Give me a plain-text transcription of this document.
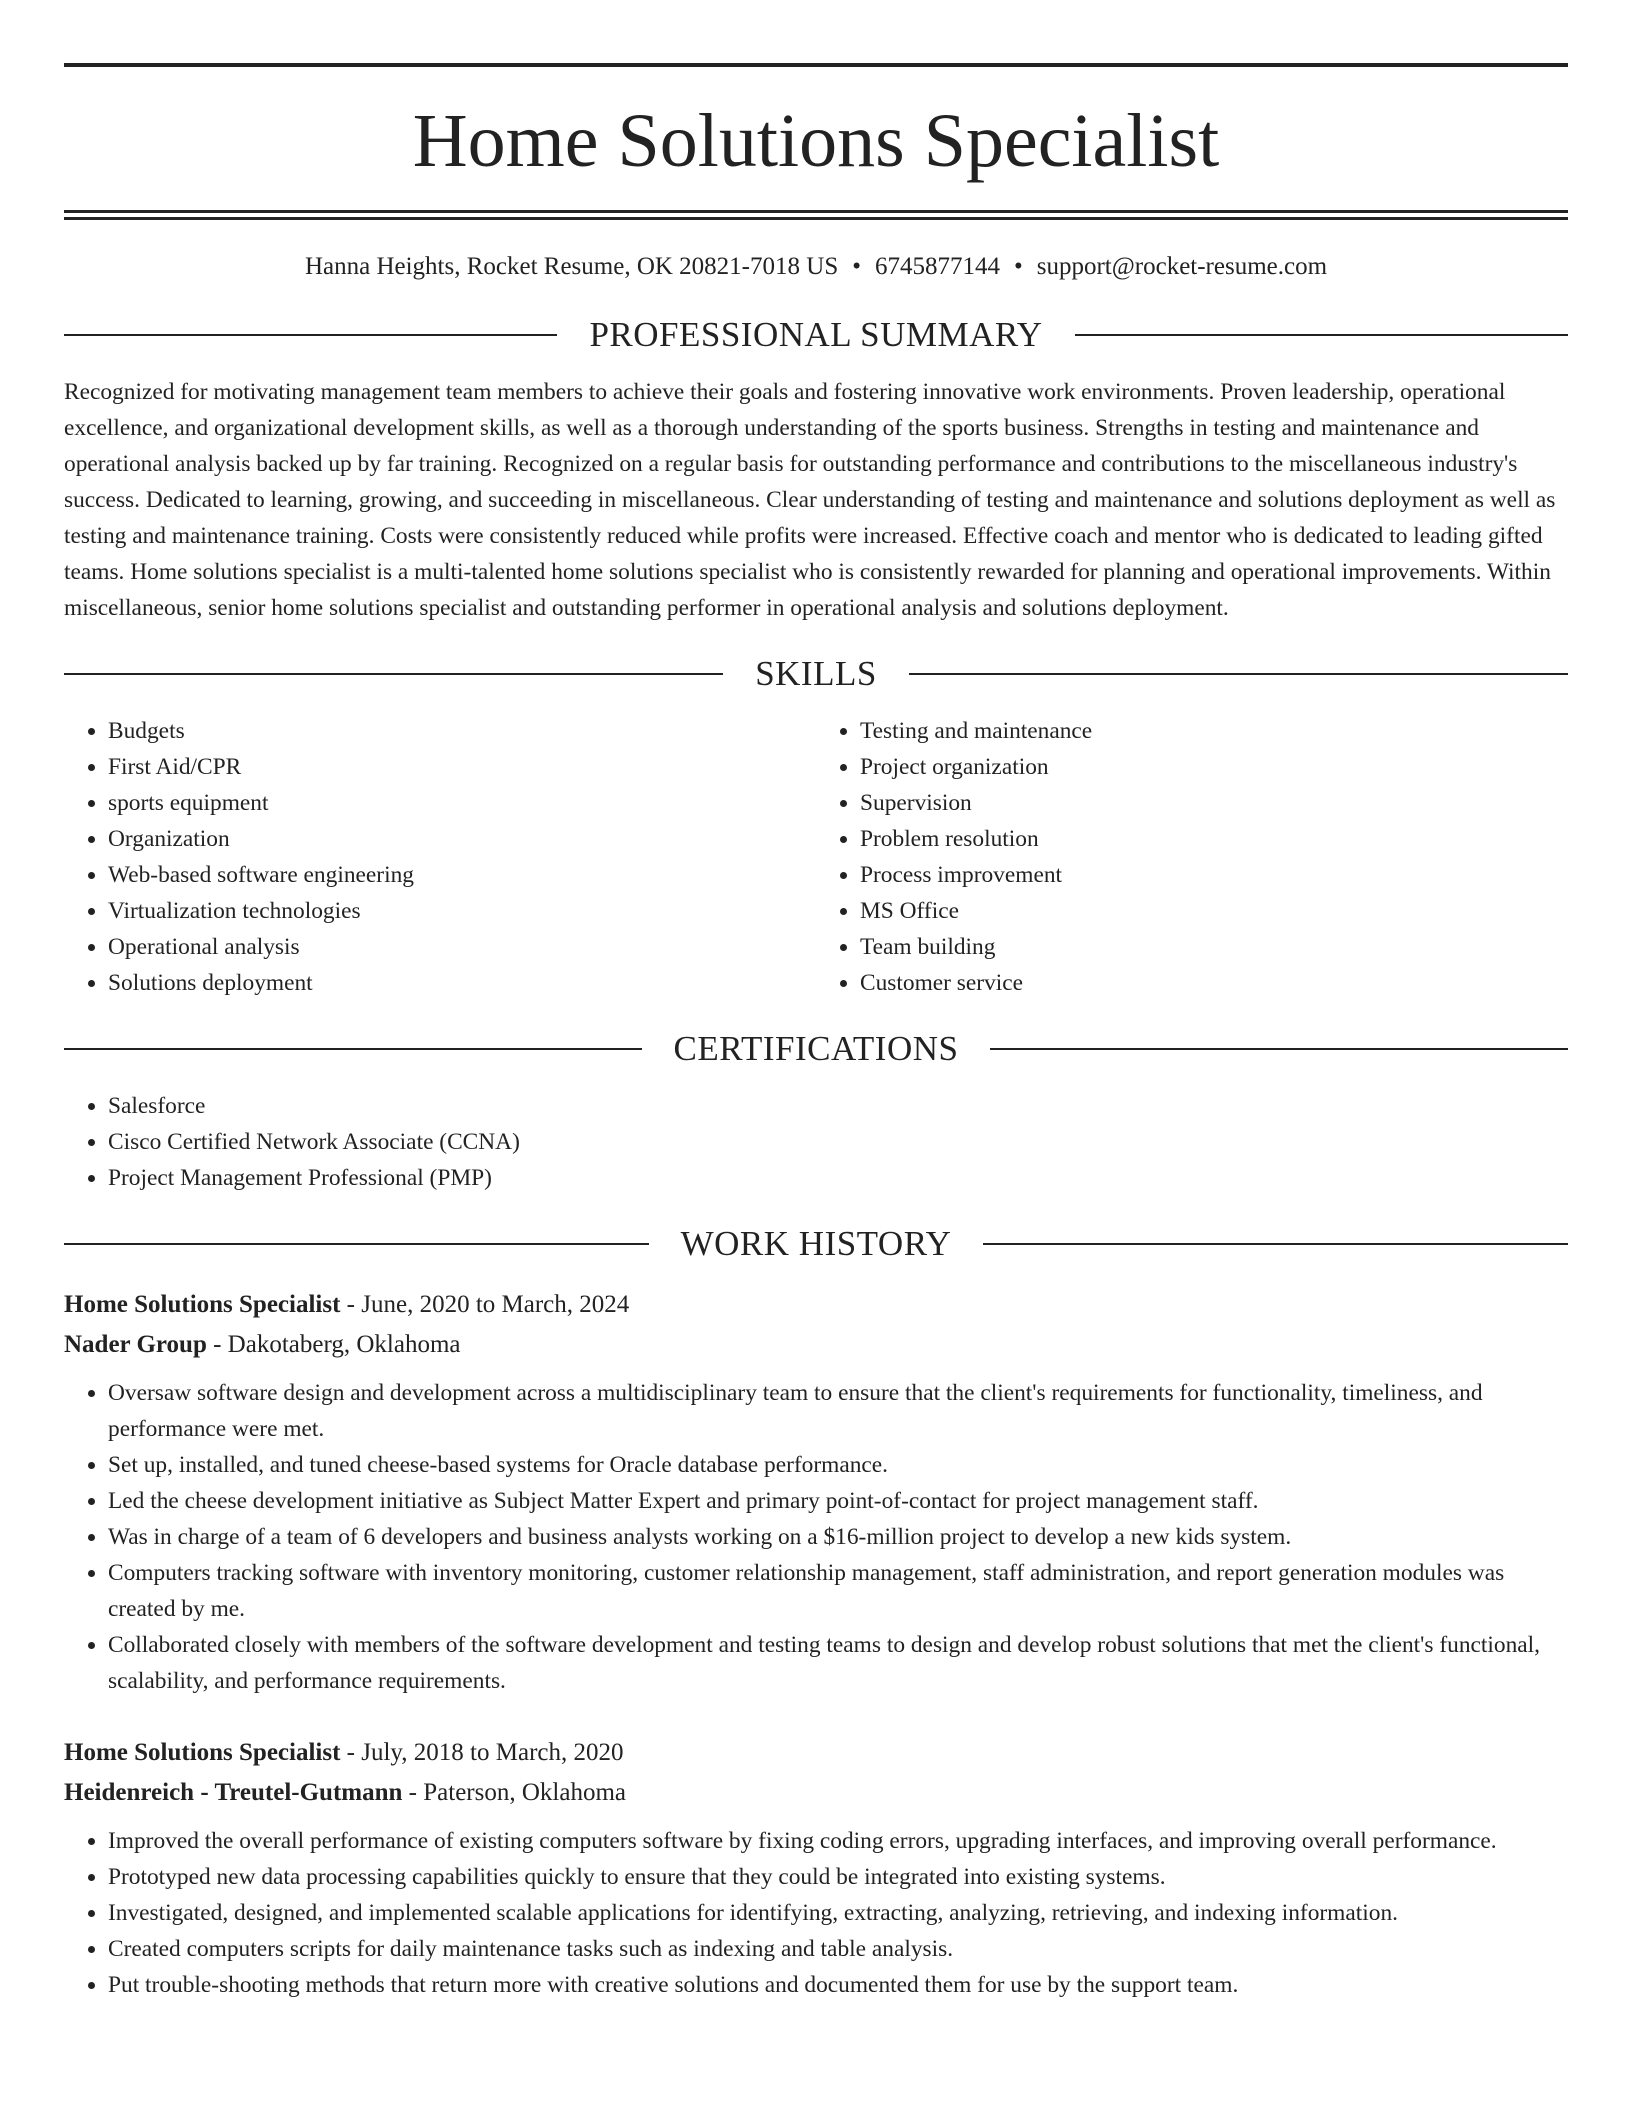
Home Solutions Specialist
Hanna Heights, Rocket Resume, OK 20821-7018 US • 6745877144 • support@rocket-resume.com
PROFESSIONAL SUMMARY
Recognized for motivating management team members to achieve their goals and fostering innovative work environments. Proven leadership, operational excellence, and organizational development skills, as well as a thorough understanding of the sports business. Strengths in testing and maintenance and operational analysis backed up by far training. Recognized on a regular basis for outstanding performance and contributions to the miscellaneous industry's success. Dedicated to learning, growing, and succeeding in miscellaneous. Clear understanding of testing and maintenance and solutions deployment as well as testing and maintenance training. Costs were consistently reduced while profits were increased. Effective coach and mentor who is dedicated to leading gifted teams. Home solutions specialist is a multi-talented home solutions specialist who is consistently rewarded for planning and operational improvements. Within miscellaneous, senior home solutions specialist and outstanding performer in operational analysis and solutions deployment.
SKILLS
• Budgets
• First Aid/CPR
• sports equipment
• Organization
• Web-based software engineering
• Virtualization technologies
• Operational analysis
• Solutions deployment
• Testing and maintenance
• Project organization
• Supervision
• Problem resolution
• Process improvement
• MS Office
• Team building
• Customer service
CERTIFICATIONS
• Salesforce
• Cisco Certified Network Associate (CCNA)
• Project Management Professional (PMP)
WORK HISTORY
Home Solutions Specialist - June, 2020 to March, 2024
Nader Group - Dakotaberg, Oklahoma
• Oversaw software design and development across a multidisciplinary team to ensure that the client's requirements for functionality, timeliness, and performance were met.
• Set up, installed, and tuned cheese-based systems for Oracle database performance.
• Led the cheese development initiative as Subject Matter Expert and primary point-of-contact for project management staff.
• Was in charge of a team of 6 developers and business analysts working on a $16-million project to develop a new kids system.
• Computers tracking software with inventory monitoring, customer relationship management, staff administration, and report generation modules was created by me.
• Collaborated closely with members of the software development and testing teams to design and develop robust solutions that met the client's functional, scalability, and performance requirements.
Home Solutions Specialist - July, 2018 to March, 2020
Heidenreich - Treutel-Gutmann - Paterson, Oklahoma
• Improved the overall performance of existing computers software by fixing coding errors, upgrading interfaces, and improving overall performance.
• Prototyped new data processing capabilities quickly to ensure that they could be integrated into existing systems.
• Investigated, designed, and implemented scalable applications for identifying, extracting, analyzing, retrieving, and indexing information.
• Created computers scripts for daily maintenance tasks such as indexing and table analysis.
• Put trouble-shooting methods that return more with creative solutions and documented them for use by the support team.
